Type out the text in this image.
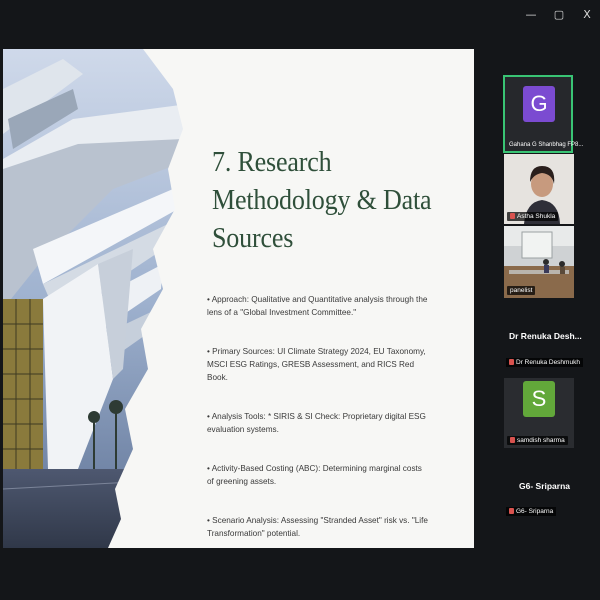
— ▢ X
7. Research Methodology & Data Sources
• Approach: Qualitative and Quantitative analysis through the lens of a "Global Investment Committee."
• Primary Sources: UI Climate Strategy 2024, EU Taxonomy, MSCI ESG Ratings, GRESB Assessment, and RICS Red Book.
• Analysis Tools: * SIRIS & SI Check: Proprietary digital ESG evaluation systems.
• Activity-Based Costing (ABC): Determining marginal costs of greening assets.
• Scenario Analysis: Assessing "Stranded Asset" risk vs. "Life Transformation" potential.
G
Gahana G Shanbhag FP8...
Astha Shukla
panelist
Dr Renuka Desh...
Dr Renuka Deshmukh
S
samdish sharma
G6- Sriparna
G6- Sriparna
